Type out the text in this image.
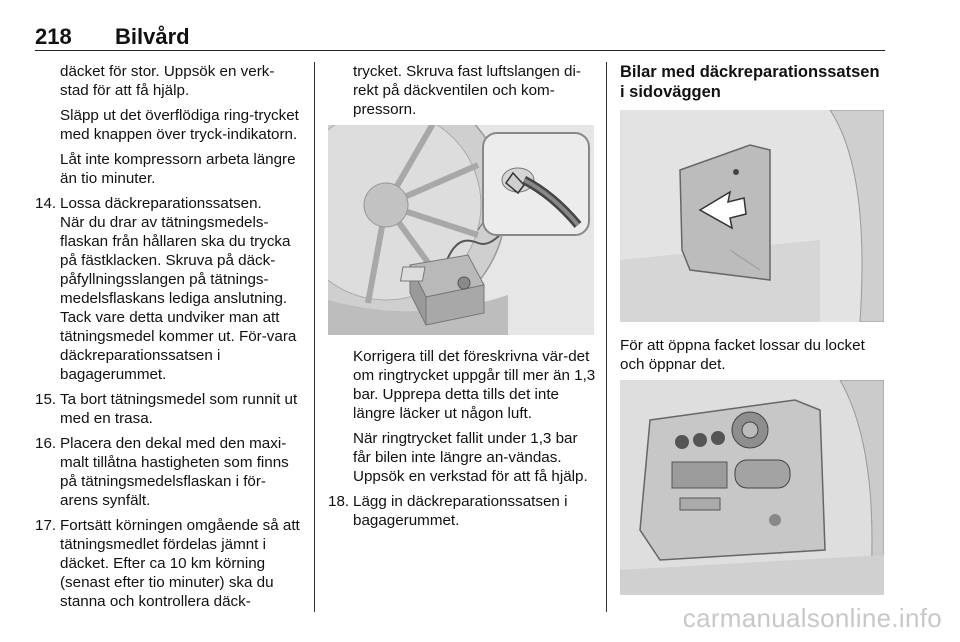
218 Bilvård

däcket för stor. Uppsök en verk-stad för att få hjälp.

Släpp ut det överflödiga ring-trycket med knappen över tryck-indikatorn.

Låt inte kompressorn arbeta längre än tio minuter.

14. Lossa däckreparationssatsen.
När du drar av tätningsmedels-flaskan från hållaren ska du trycka på fästklacken. Skruva på däck-påfyllningsslangen på tätnings-medelsflaskans lediga anslutning. Tack vare detta undviker man att tätningsmedel kommer ut. För-vara däckreparationssatsen i bagagerummet.
15. Ta bort tätningsmedel som runnit ut med en trasa.
16. Placera den dekal med den maxi-malt tillåtna hastigheten som finns på tätningsmedelsflaskan i för-arens synfält.
17. Fortsätt körningen omgående så att tätningsmedlet fördelas jämnt i däcket. Efter ca 10 km körning (senast efter tio minuter) ska du stanna och kontrollera däck-

trycket. Skruva fast luftslangen di-rekt på däckventilen och kom-pressorn.

Korrigera till det föreskrivna vär-det om ringtrycket uppgår till mer än 1,3 bar. Upprepa detta tills det inte längre läcker ut någon luft.

När ringtrycket fallit under 1,3 bar får bilen inte längre an-vändas. Uppsök en verkstad för att få hjälp.

18. Lägg in däckreparationssatsen i bagagerummet.
Bilar med däckreparationssatsen i sidoväggen

För att öppna facket lossar du locket och öppnar det.

carmanualsonline.info
